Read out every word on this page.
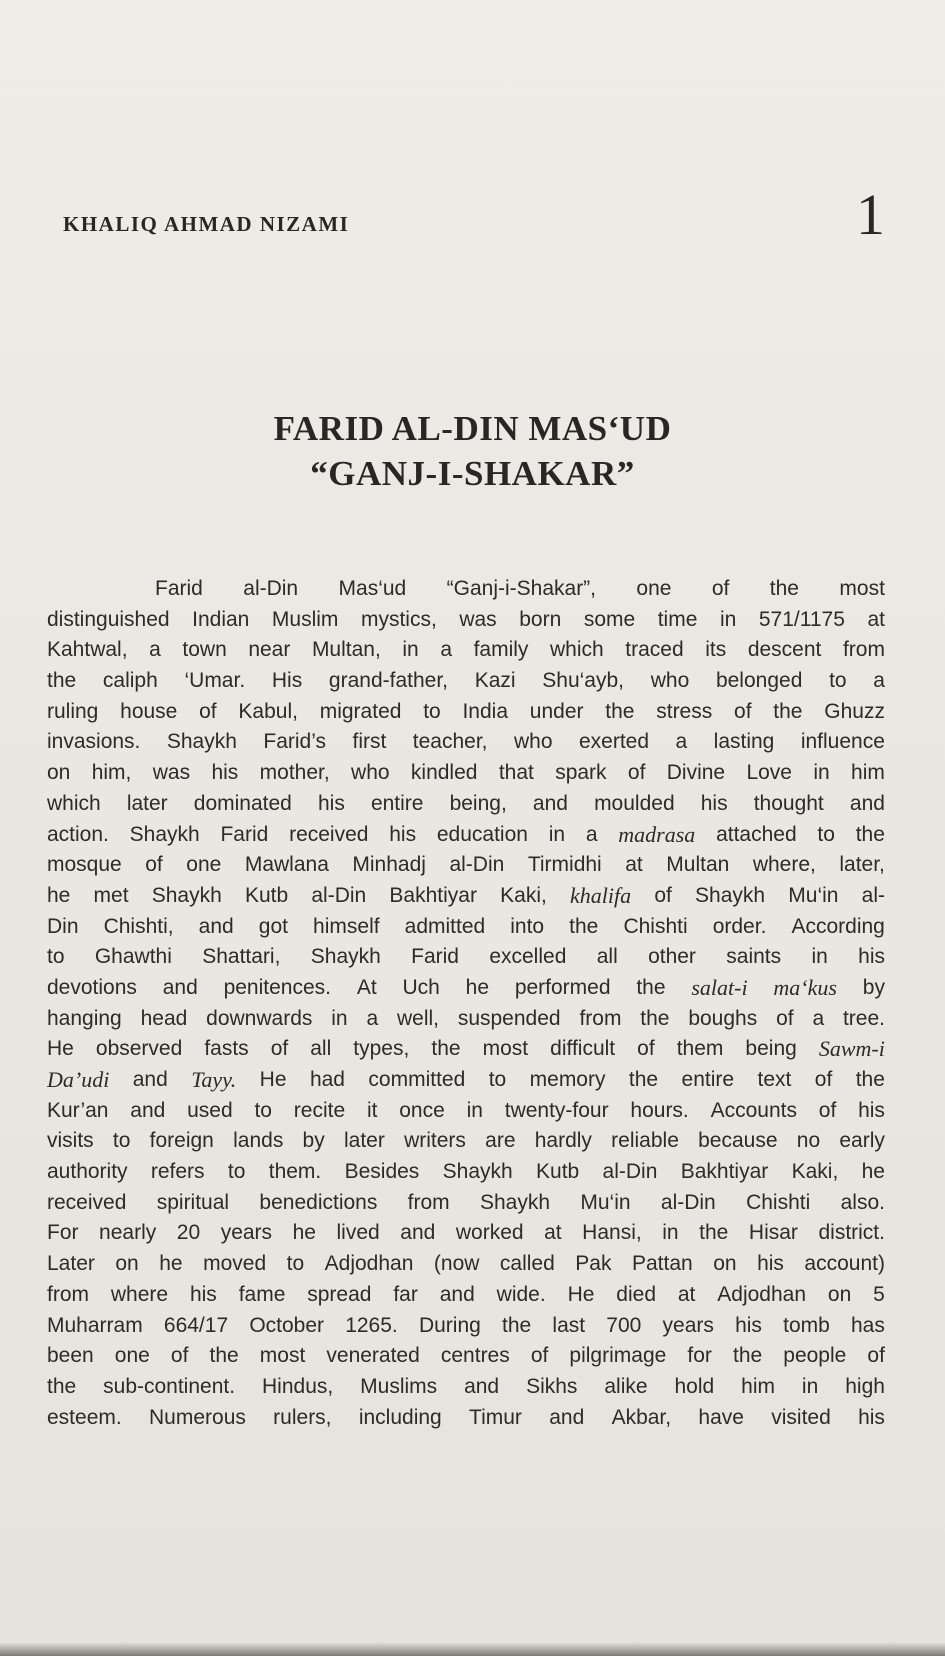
KHALIQ AHMAD NIZAMI	1
FARID AL-DIN MAS‘UD
“GANJ-I-SHAKAR”
Farid al-Din Mas‘ud “Ganj-i-Shakar”, one of the most
distinguished Indian Muslim mystics, was born some time in 571/1175 at
Kahtwal, a town near Multan, in a family which traced its descent from
the caliph ‘Umar. His grand-father, Kazi Shu‘ayb, who belonged to a
ruling house of Kabul, migrated to India under the stress of the Ghuzz
invasions. Shaykh Farid’s first teacher, who exerted a lasting influence
on him, was his mother, who kindled that spark of Divine Love in him
which later dominated his entire being, and moulded his thought and
action. Shaykh Farid received his education in a madrasa attached to the
mosque of one Mawlana Minhadj al-Din Tirmidhi at Multan where, later,
he met Shaykh Kutb al-Din Bakhtiyar Kaki, khalifa of Shaykh Mu‘in al-
Din Chishti, and got himself admitted into the Chishti order. According
to Ghawthi Shattari, Shaykh Farid excelled all other saints in his
devotions and penitences. At Uch he performed the salat-i ma‘kus by
hanging head downwards in a well, suspended from the boughs of a tree.
He observed fasts of all types, the most difficult of them being Sawm-i
Da’udi and Tayy. He had committed to memory the entire text of the
Kur’an and used to recite it once in twenty-four hours. Accounts of his
visits to foreign lands by later writers are hardly reliable because no early
authority refers to them. Besides Shaykh Kutb al-Din Bakhtiyar Kaki, he
received spiritual benedictions from Shaykh Mu‘in al-Din Chishti also.
For nearly 20 years he lived and worked at Hansi, in the Hisar district.
Later on he moved to Adjodhan (now called Pak Pattan on his account)
from where his fame spread far and wide. He died at Adjodhan on 5
Muharram 664/17 October 1265. During the last 700 years his tomb has
been one of the most venerated centres of pilgrimage for the people of
the sub-continent. Hindus, Muslims and Sikhs alike hold him in high
esteem. Numerous rulers, including Timur and Akbar, have visited his
